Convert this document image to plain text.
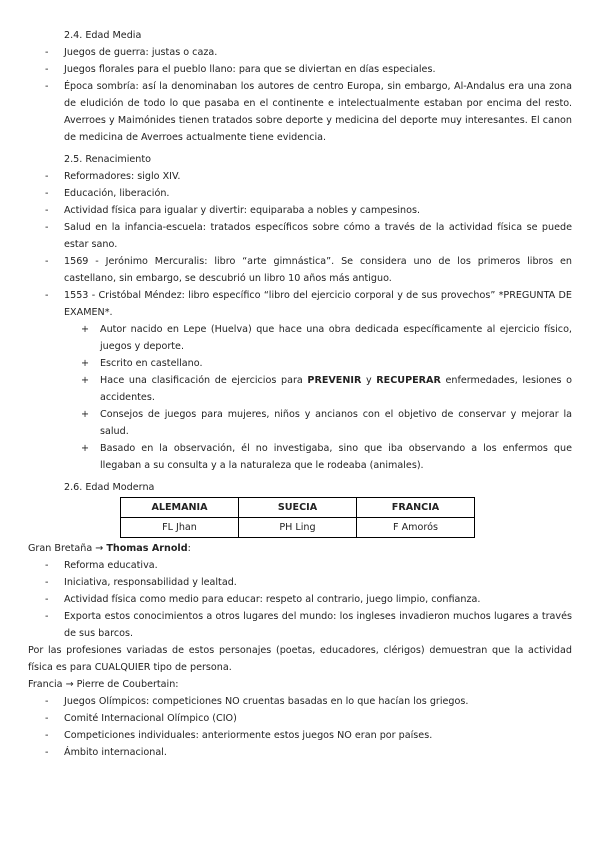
2.4. Edad Media

- Juegos de guerra: justas o caza.
- Juegos florales para el pueblo llano: para que se diviertan en días especiales.
- Época sombría: así la denominaban los autores de centro Europa, sin embargo, Al-Andalus era una zona de eludición de todo lo que pasaba en el continente e intelectualmente estaban por encima del resto. Averroes y Maimónides tienen tratados sobre deporte y medicina del deporte muy interesantes. El canon de medicina de Averroes actualmente tiene evidencia.

2.5. Renacimiento

- Reformadores: siglo XIV.
- Educación, liberación.
- Actividad física para igualar y divertir: equiparaba a nobles y campesinos.
- Salud en la infancia-escuela: tratados específicos sobre cómo a través de la actividad física se puede estar sano.
- 1569 - Jerónimo Mercuralis: libro “arte gimnástica”. Se considera uno de los primeros libros en castellano, sin embargo, se descubrió un libro 10 años más antiguo.
- 1553 - Cristóbal Méndez: libro específico “libro del ejercicio corporal y de sus provechos” *PREGUNTA DE EXAMEN*.
+ Autor nacido en Lepe (Huelva) que hace una obra dedicada específicamente al ejercicio físico, juegos y deporte.
+ Escrito en castellano.
+ Hace una clasificación de ejercicios para PREVENIR y RECUPERAR enfermedades, lesiones o accidentes.
+ Consejos de juegos para mujeres, niños y ancianos con el objetivo de conservar y mejorar la salud.
+ Basado en la observación, él no investigaba, sino que iba observando a los enfermos que llegaban a su consulta y a la naturaleza que le rodeaba (animales).

2.6. Edad Moderna

ALEMANIA	SUECIA	FRANCIA
FL Jhan	PH Ling	F Amorós

Gran Bretaña → Thomas Arnold:

- Reforma educativa.
- Iniciativa, responsabilidad y lealtad.
- Actividad física como medio para educar: respeto al contrario, juego limpio, confianza.
- Exporta estos conocimientos a otros lugares del mundo: los ingleses invadieron muchos lugares a través de sus barcos.

Por las profesiones variadas de estos personajes (poetas, educadores, clérigos) demuestran que la actividad física es para CUALQUIER tipo de persona.

Francia → Pierre de Coubertain:

- Juegos Olímpicos: competiciones NO cruentas basadas en lo que hacían los griegos.
- Comité Internacional Olímpico (CIO)
- Competiciones individuales: anteriormente estos juegos NO eran por países.
- Ámbito internacional.
